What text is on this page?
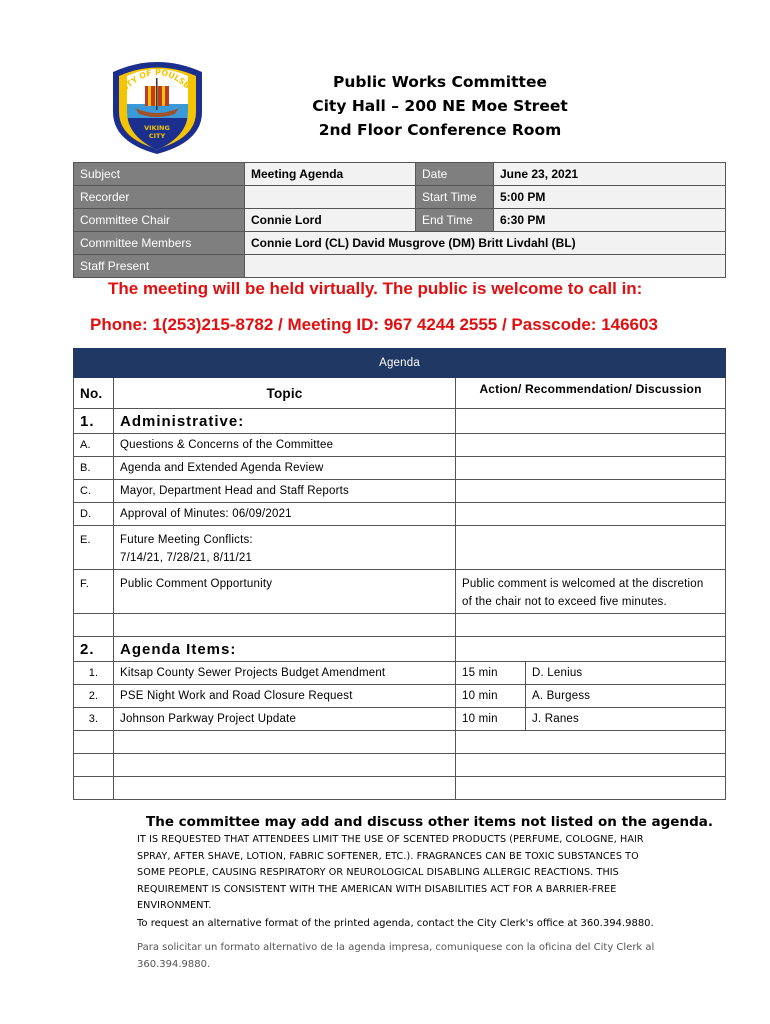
CITY OF POULSBO
VIKING
CITY
Public Works Committee
City Hall – 200 NE Moe Street
2nd Floor Conference Room
Subject	Meeting Agenda	Date	June 23, 2021
Recorder		Start Time	5:00 PM
Committee Chair	Connie Lord	End Time	6:30 PM
Committee Members	Connie Lord (CL) David Musgrove (DM) Britt Livdahl (BL)		
Staff Present			
The meeting will be held virtually. The public is welcome to call in:
Phone: 1(253)215-8782 / Meeting ID: 967 4244 2555 / Passcode: 146603
Agenda			
No.	Topic	Action/ Recommendation/ Discussion	
1.	Administrative:		
A.	Questions & Concerns of the Committee		
B.	Agenda and Extended Agenda Review		
C.	Mayor, Department Head and Staff Reports		
D.	Approval of Minutes: 06/09/2021		
E.	Future Meeting Conflicts:
7/14/21, 7/28/21, 8/11/21		

F.	Public Comment Opportunity	Public comment is welcomed at the discretion
of the chair not to exceed five minutes.	

2.	Agenda Items:		
1.	Kitsap County Sewer Projects Budget Amendment	15 min	D. Lenius
2.	PSE Night Work and Road Closure Request	10 min	A. Burgess
3.	Johnson Parkway Project Update	10 min	J. Ranes

The committee may add and discuss other items not listed on the agenda.
IT IS REQUESTED THAT ATTENDEES LIMIT THE USE OF SCENTED PRODUCTS (PERFUME, COLOGNE, HAIR
SPRAY, AFTER SHAVE, LOTION, FABRIC SOFTENER, ETC.). FRAGRANCES CAN BE TOXIC SUBSTANCES TO
SOME PEOPLE, CAUSING RESPIRATORY OR NEUROLOGICAL DISABLING ALLERGIC REACTIONS. THIS
REQUIREMENT IS CONSISTENT WITH THE AMERICAN WITH DISABILITIES ACT FOR A BARRIER-FREE
ENVIRONMENT.
To request an alternative format of the printed agenda, contact the City Clerk's office at 360.394.9880.
Para solicitar un formato alternativo de la agenda impresa, comuniquese con la oficina del City Clerk al
360.394.9880.
